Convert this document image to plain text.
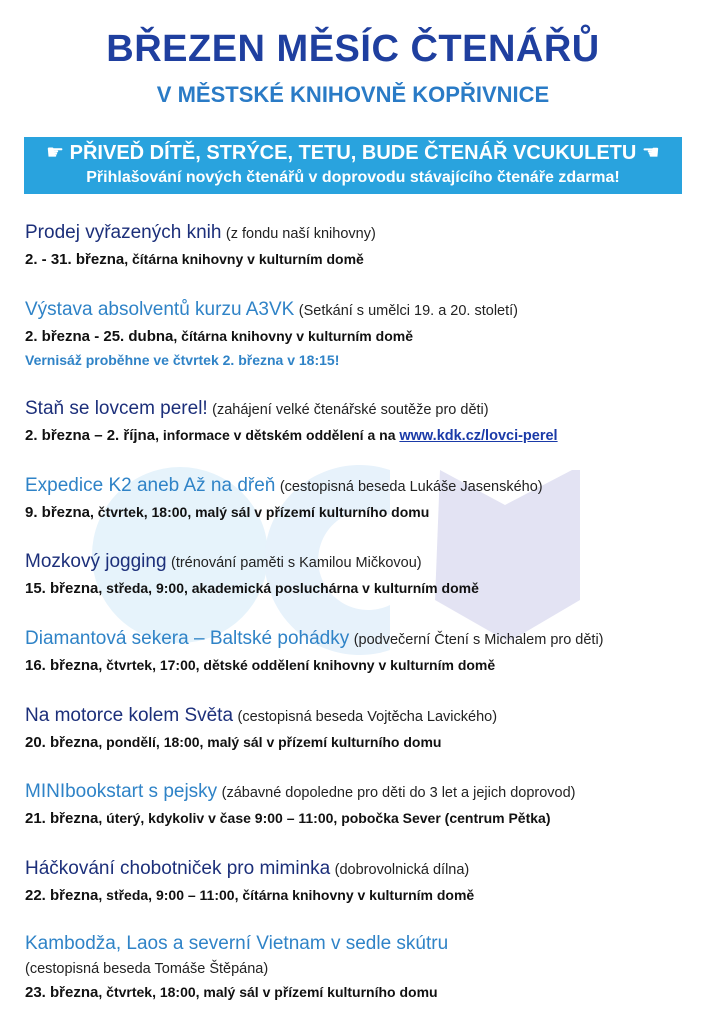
BŘEZEN MĚSÍC ČTENÁŘŮ
V MĚSTSKÉ KNIHOVNĚ KOPŘIVNICE
☛ PŘIVEĎ DÍTĚ, STRÝCE, TETU, BUDE ČTENÁŘ VCUKULETU ☚
Přihlašování nových čtenářů v doprovodu stávajícího čtenáře zdarma!
Prodej vyřazených knih (z fondu naší knihovny)
2. - 31. března, čítárna knihovny v kulturním domě
Výstava absolventů kurzu A3VK (Setkání s umělci 19. a 20. století)
2. března - 25. dubna, čítárna knihovny v kulturním domě
Vernisáž proběhne ve čtvrtek 2. března v 18:15!
Staň se lovcem perel! (zahájení velké čtenářské soutěže pro děti)
2. března – 2. října, informace v dětském oddělení a na www.kdk.cz/lovci-perel
Expedice K2 aneb Až na dřeň (cestopisná beseda Lukáše Jasenského)
9. března, čtvrtek, 18:00, malý sál v přízemí kulturního domu
Mozkový jogging (trénování paměti s Kamilou Mičkovou)
15. března, středa, 9:00, akademická posluchárna v kulturním domě
Diamantová sekera – Baltské pohádky (podvečerní Čtení s Michalem pro děti)
16. března, čtvrtek, 17:00, dětské oddělení knihovny v kulturním domě
Na motorce kolem Světa (cestopisná beseda Vojtěcha Lavického)
20. března, pondělí, 18:00, malý sál v přízemí kulturního domu
MINIbookstart s pejsky (zábavné dopoledne pro děti do 3 let a jejich doprovod)
21. března, úterý, kdykoliv v čase 9:00 – 11:00, pobočka Sever (centrum Pětka)
Háčkování chobotniček pro miminka (dobrovolnická dílna)
22. března, středa, 9:00 – 11:00, čítárna knihovny v kulturním domě
Kambodža, Laos a severní Vietnam v sedle skútru
(cestopisná beseda Tomáše Štěpána)
23. března, čtvrtek, 18:00, malý sál v přízemí kulturního domu
